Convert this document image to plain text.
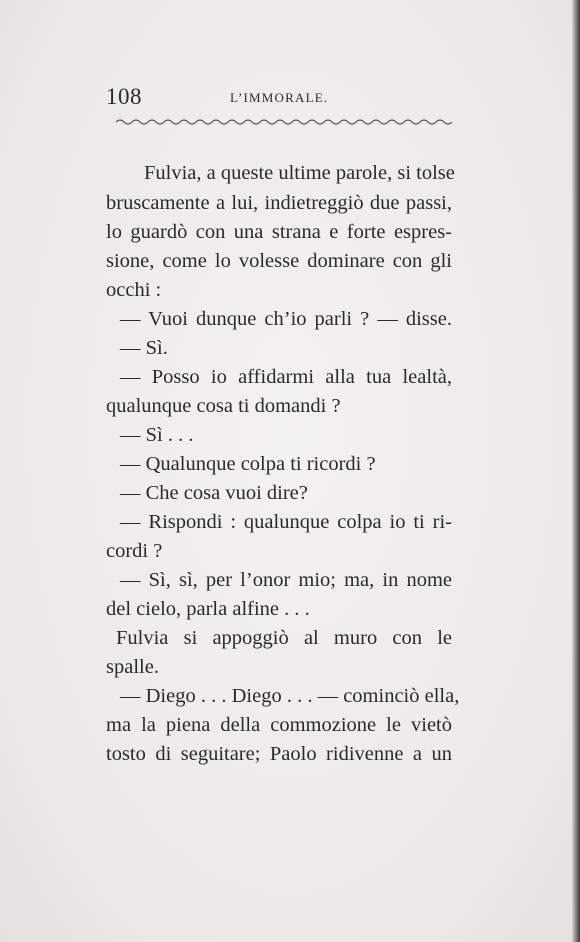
108	L’IMMORALE.
Fulvia, a queste ultime parole, si tolse
bruscamente a lui, indietreggiò due passi,
lo guardò con una strana e forte espres-
sione, come lo volesse dominare con gli
occhi :
— Vuoi dunque ch’io parli ? — disse.
— Sì.
— Posso io affidarmi alla tua lealtà,
qualunque cosa ti domandi ?
— Sì . . .
— Qualunque colpa ti ricordi ?
— Che cosa vuoi dire?
— Rispondi : qualunque colpa io ti ri-
cordi ?
— Sì, sì, per l’onor mio; ma, in nome
del cielo, parla alfine . . .
Fulvia si appoggiò al muro con le
spalle.
— Diego . . . Diego . . . — cominciò ella,
ma la piena della commozione le vietò
tosto di seguitare; Paolo ridivenne a un
